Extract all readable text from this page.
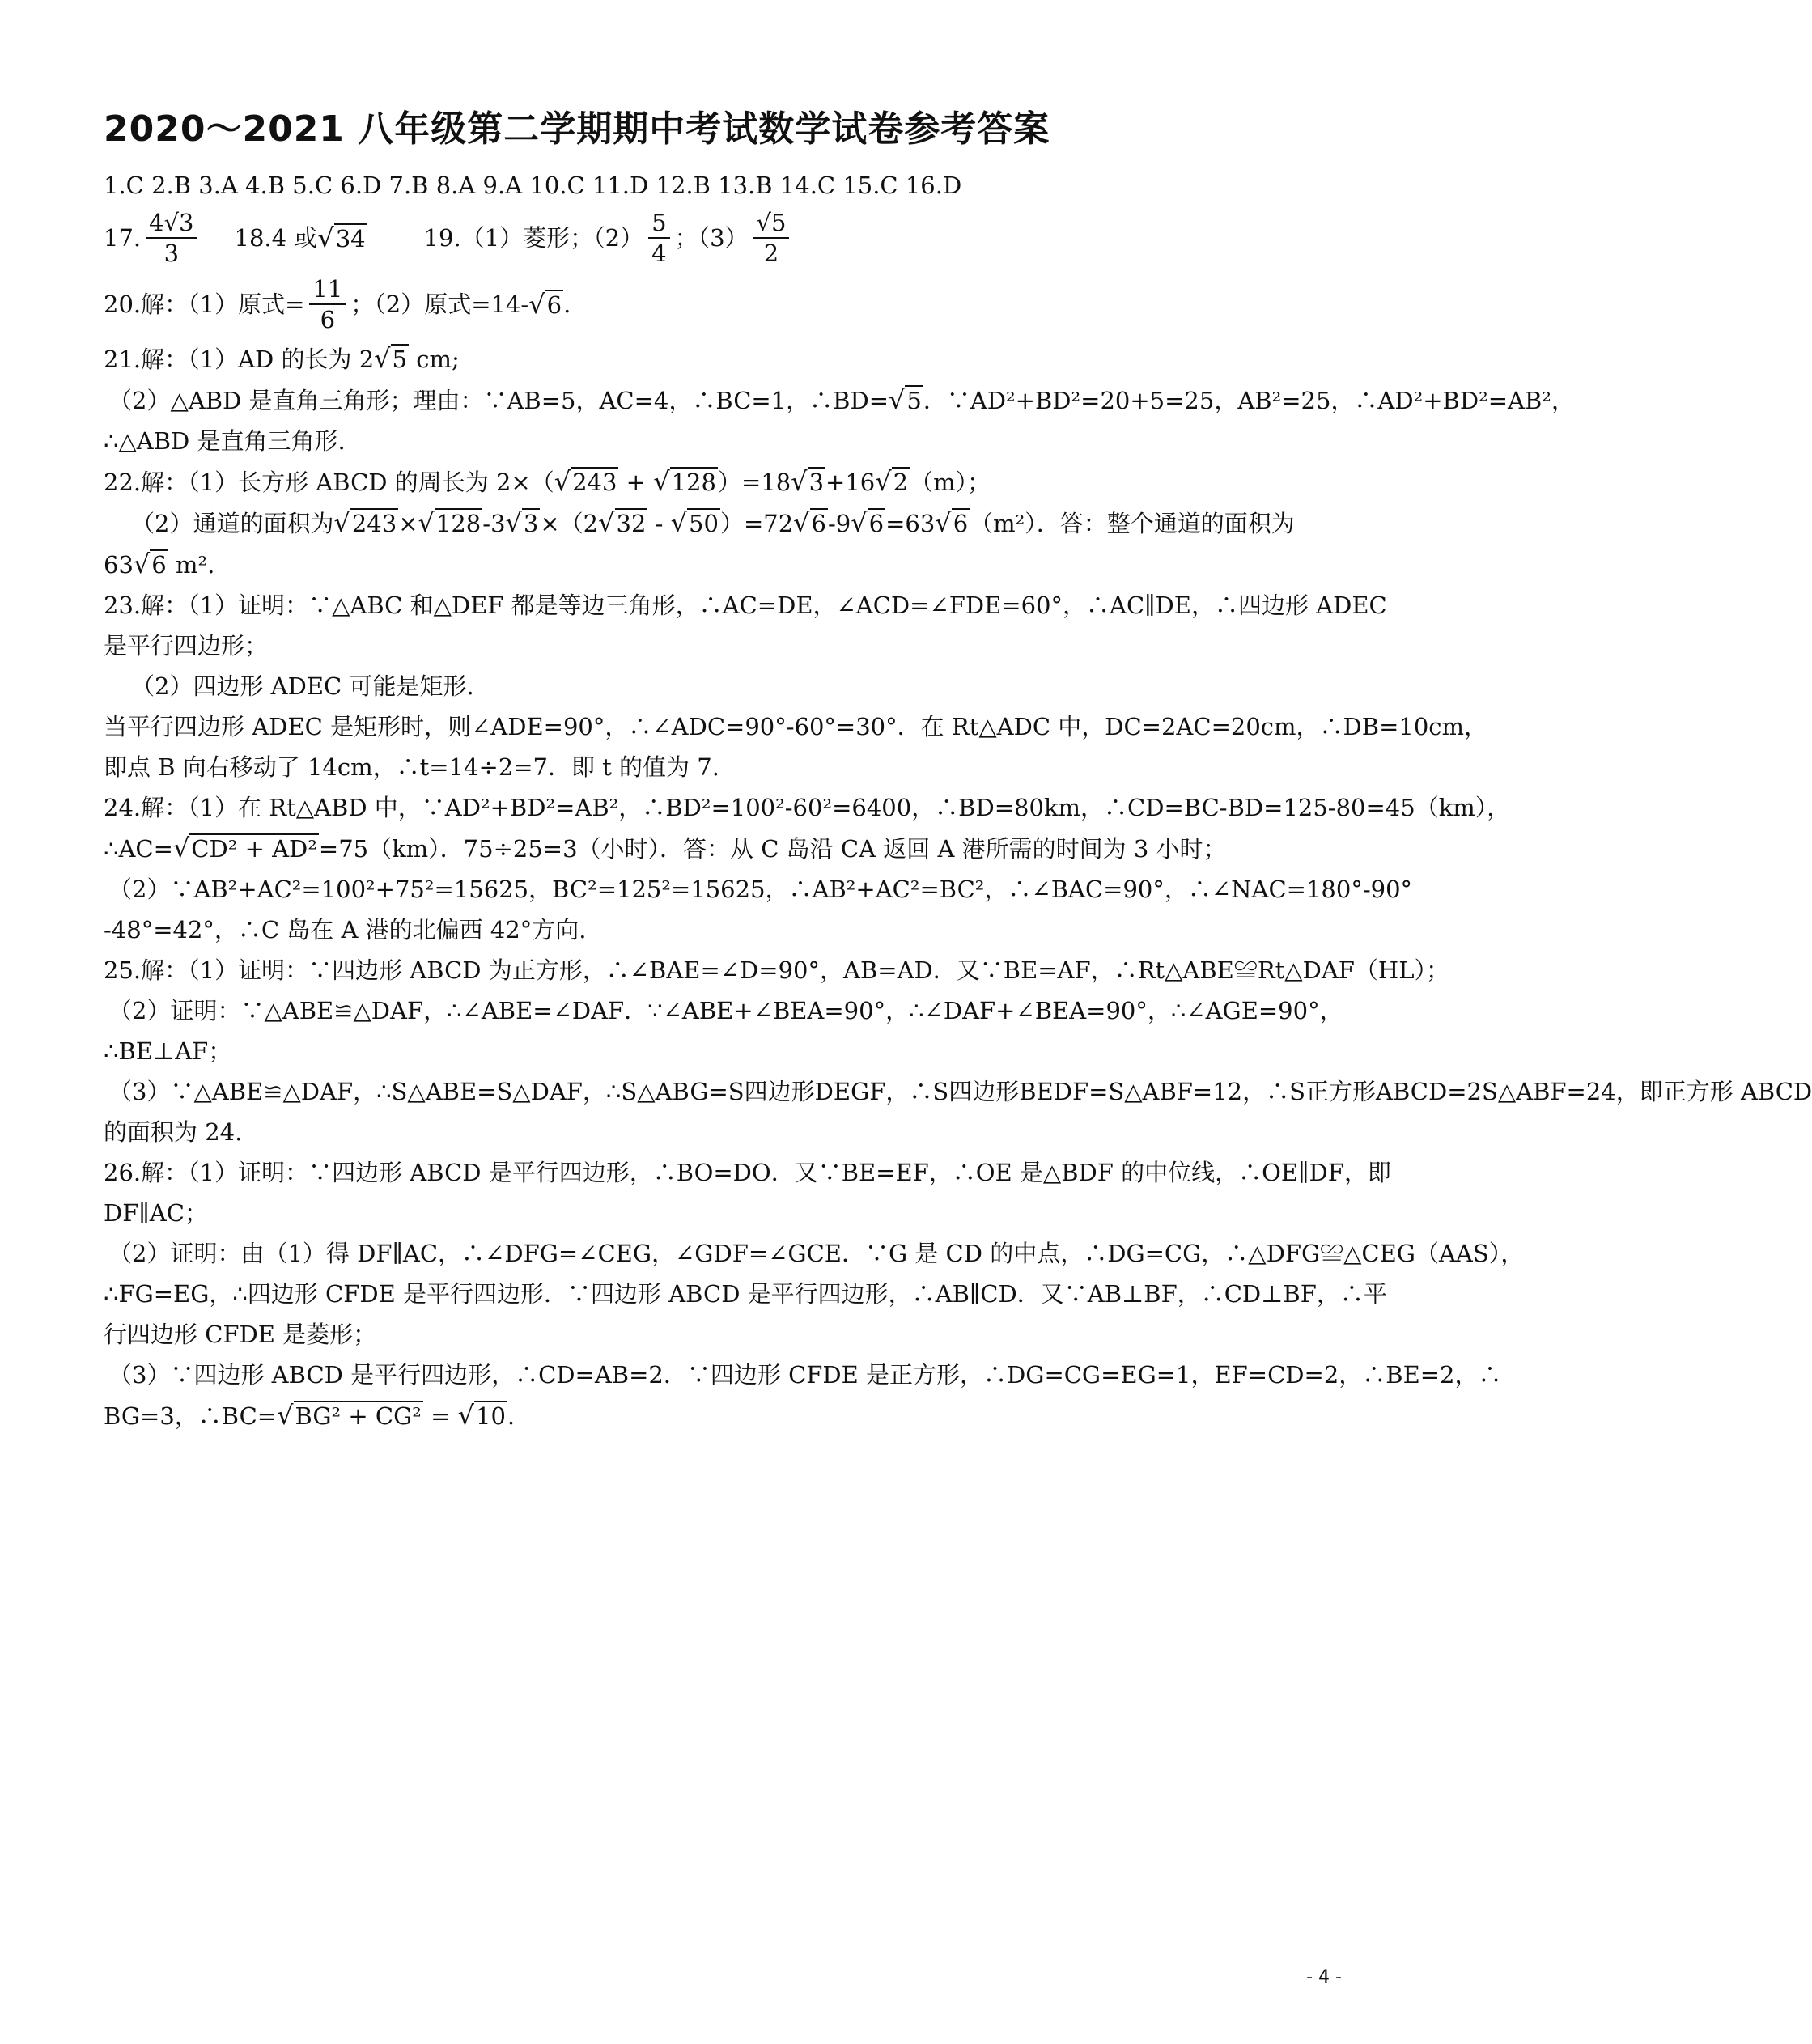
2020～2021 八年级第二学期期中考试数学试卷参考答案
1.C 2.B 3.A 4.B 5.C 6.D 7.B 8.A 9.A 10.C 11.D 12.B 13.B 14.C 15.C 16.D
17. $\frac{4√3}{3} 18.4$ 或 √34 19.（1）菱形；$(2) \frac{5}{4}$ ；$(3) \frac{√5}{2}$
20.解：（1）原式= $\frac{11}{6}$ ；（2）原式=14- √6 .
21.解：（1）AD 的长为 2√5 cm;
（2）△ABD 是直角三角形；理由：∵AB=5，AC=4，∴BC=1，∴BD=√5．∵AD²+BD²=20+5=25，AB²=25，∴AD²+BD²=AB²，
∴△ABD 是直角三角形.
22.解：（1）长方形 ABCD 的周长为 2×（√243 + √128）=18√3+16√2（m）；
（2）通道的面积为√243×√128-3√3×（2√32 - √50）=72√6-9√6=63√6（m²）．答：整个通道的面积为
63√6 m².
23.解：（1）证明：∵△ABC 和△DEF 都是等边三角形，∴AC=DE，∠ACD=∠FDE=60°，∴AC∥DE，∴四边形 ADEC
是平行四边形；
（2）四边形 ADEC 可能是矩形.
当平行四边形 ADEC 是矩形时，则∠ADE=90°，∴∠ADC=90°-60°=30°．在 Rt△ADC 中，DC=2AC=20cm，∴DB=10cm，
即点 B 向右移动了 14cm，∴t=14÷2=7．即 t 的值为 7.
24.解：（1）在 Rt△ABD 中，∵AD²+BD²=AB²，∴BD²=100²-60²=6400，∴BD=80km，∴CD=BC-BD=125-80=45（km），
∴AC=√CD² + AD²=75（km）．75÷25=3（小时）．答：从 C 岛沿 CA 返回 A 港所需的时间为 3 小时；
（2）∵AB²+AC²=100²+75²=15625，BC²=125²=15625，∴AB²+AC²=BC²，∴∠BAC=90°，∴∠NAC=180°-90°
-48°=42°，∴C 岛在 A 港的北偏西 42°方向.
25.解：（1）证明：∵四边形 ABCD 为正方形，∴∠BAE=∠D=90°，AB=AD．又∵BE=AF，∴Rt△ABE≌Rt△DAF（HL）；
（2）证明：∵△ABE≌△DAF，∴∠ABE=∠DAF．∵∠ABE+∠BEA=90°，∴∠DAF+∠BEA=90°，∴∠AGE=90°，
∴BE⊥AF；
（3）∵△ABE≌△DAF，∴S△ABE=S△DAF，∴S△ABG=S四边形DEGF，∴S四边形BEDF=S△ABF=12，∴S正方形ABCD=2S△ABF=24，即正方形 ABCD
的面积为 24.
26.解：（1）证明：∵四边形 ABCD 是平行四边形，∴BO=DO．又∵BE=EF，∴OE 是△BDF 的中位线，∴OE∥DF，即
DF∥AC；
（2）证明：由（1）得 DF∥AC，∴∠DFG=∠CEG，∠GDF=∠GCE．∵G 是 CD 的中点，∴DG=CG，∴△DFG≌△CEG（AAS），
∴FG=EG，∴四边形 CFDE 是平行四边形．∵四边形 ABCD 是平行四边形，∴AB∥CD．又∵AB⊥BF，∴CD⊥BF，∴平
行四边形 CFDE 是菱形；
（3）∵四边形 ABCD 是平行四边形，∴CD=AB=2．∵四边形 CFDE 是正方形，∴DG=CG=EG=1，EF=CD=2，∴BE=2，∴
BG=3，∴BC=√BG² + CG² = √10.
- 4 -
